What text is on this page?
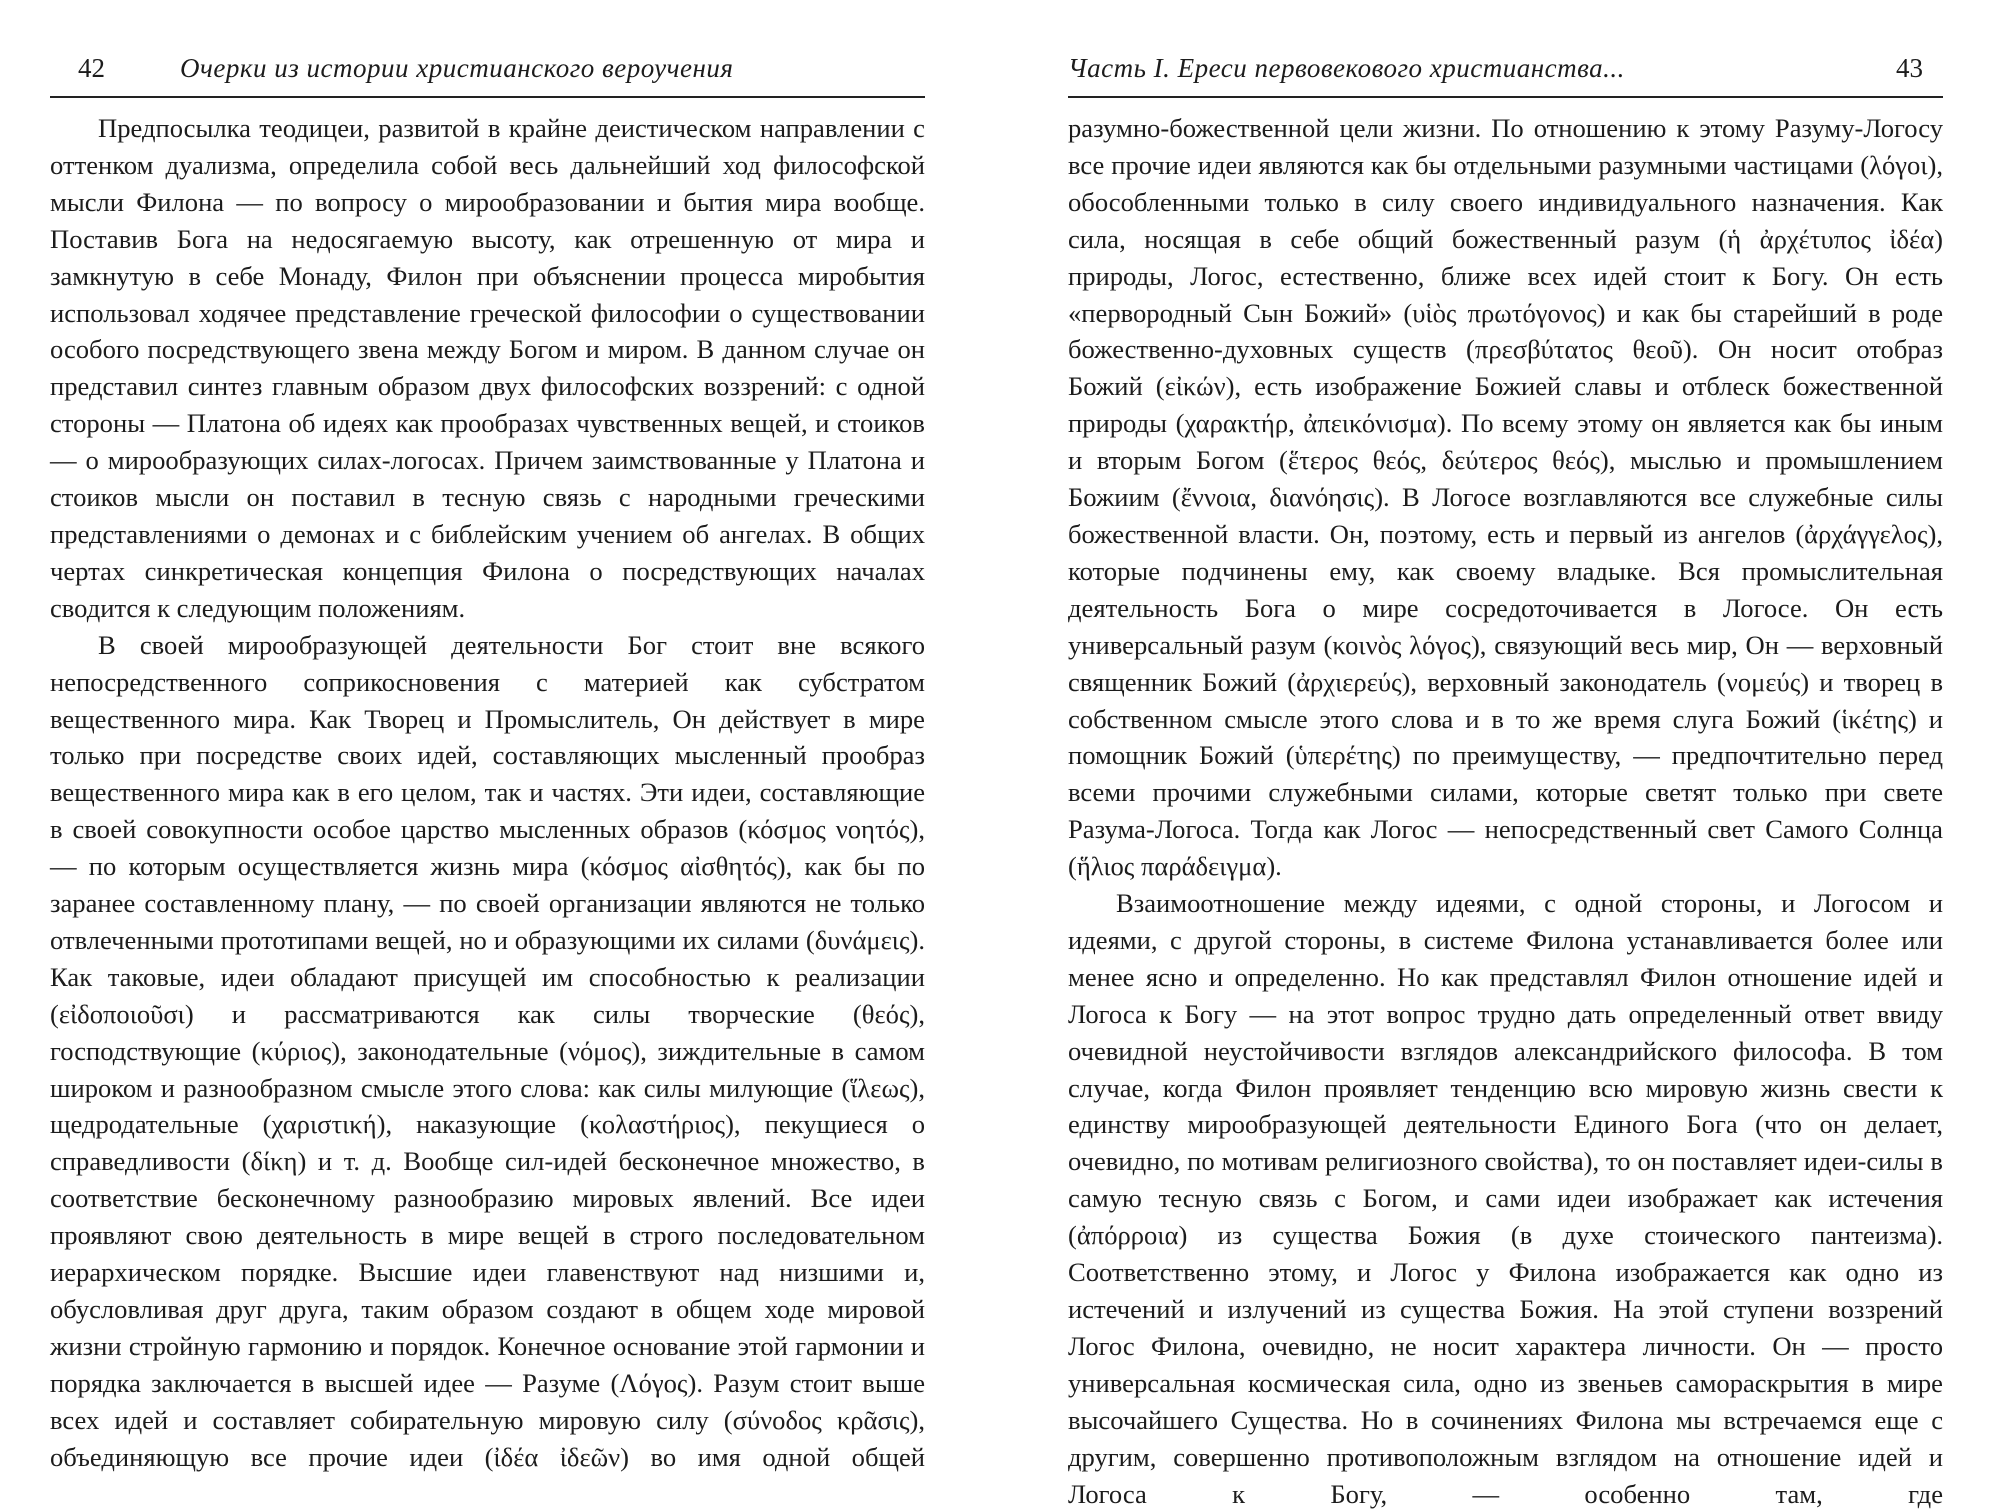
42	Очерки из истории христианского вероучения

Предпосылка теодицеи, развитой в крайне деистическом направлении с оттенком дуализма, определила собой весь дальнейший ход философской мысли Филона — по вопросу о мирообразовании и бытия мира вообще. Поставив Бога на недосягаемую высоту, как отрешенную от мира и замкнутую в себе Монаду, Филон при объяснении процесса миробытия использовал ходячее представление греческой философии о существовании особого посредствующего звена между Богом и миром. В данном случае он представил синтез главным образом двух философских воззрений: с одной стороны — Платона об идеях как прообразах чувственных вещей, и стоиков — о мирообразующих силах-логосах. Причем заимствованные у Платона и стоиков мысли он поставил в тесную связь с народными греческими представлениями о демонах и с библейским учением об ангелах. В общих чертах синкретическая концепция Филона о посредствующих началах сводится к следующим положениям.

В своей мирообразующей деятельности Бог стоит вне всякого непосредственного соприкосновения с материей как субстратом вещественного мира. Как Творец и Промыслитель, Он действует в мире только при посредстве своих идей, составляющих мысленный прообраз вещественного мира как в его целом, так и частях. Эти идеи, составляющие в своей совокупности особое царство мысленных образов (κόσμος νοητός), — по которым осуществляется жизнь мира (κόσμος αἰσθητός), как бы по заранее составленному плану, — по своей организации являются не только отвлеченными прототипами вещей, но и образующими их силами (δυνάμεις). Как таковые, идеи обладают присущей им способностью к реализации (εἰδοποιοῦσι) и рассматриваются как силы творческие (θεός), господствующие (κύριος), законодательные (νόμος), зиждительные в самом широком и разнообразном смысле этого слова: как силы милующие (ἵλεως), щедродательные (χαριστική), наказующие (κολαστήριος), пекущиеся о справедливости (δίκη) и т. д. Вообще сил-идей бесконечное множество, в соответствие бесконечному разнообразию мировых явлений. Все идеи проявляют свою деятельность в мире вещей в строго последовательном иерархическом порядке. Высшие идеи главенствуют над низшими и, обусловливая друг друга, таким образом создают в общем ходе мировой жизни стройную гармонию и порядок. Конечное основание этой гармонии и порядка заключается в высшей идее — Разуме (Λόγος). Разум стоит выше всех идей и составляет собирательную мировую силу (σύνοδος κρᾶσις), объединяющую все прочие идеи (ἰδέα ἰδεῶν) во имя одной общей

Часть I. Ереси первовекового христианства...	43

разумно-божественной цели жизни. По отношению к этому Разуму-Логосу все прочие идеи являются как бы отдельными разумными частицами (λόγοι), обособленными только в силу своего индивидуального назначения. Как сила, носящая в себе общий божественный разум (ἡ ἀρχέτυπος ἰδέα) природы, Логос, естественно, ближе всех идей стоит к Богу. Он есть «первородный Сын Божий» (υἱὸς πρωτόγονος) и как бы старейший в роде божественно-духовных существ (πρεσβύτατος θεοῦ). Он носит отобраз Божий (εἰκών), есть изображение Божией славы и отблеск божественной природы (χαρακτήρ, ἀπεικόνισμα). По всему этому он является как бы иным и вторым Богом (ἕτερος θεός, δεύτερος θεός), мыслью и промышлением Божиим (ἔννοια, διανόησις). В Логосе возглавляются все служебные силы божественной власти. Он, поэтому, есть и первый из ангелов (ἀρχάγγελος), которые подчинены ему, как своему владыке. Вся промыслительная деятельность Бога о мире сосредоточивается в Логосе. Он есть универсальный разум (κοινὸς λόγος), связующий весь мир, Он — верховный священник Божий (ἀρχιερεύς), верховный законодатель (νομεύς) и творец в собственном смысле этого слова и в то же время слуга Божий (ἱκέτης) и помощник Божий (ὑπερέτης) по преимуществу, — предпочтительно перед всеми прочими служебными силами, которые светят только при свете Разума-Логоса. Тогда как Логос — непосредственный свет Самого Солнца (ἥλιος παράδειγμα).

Взаимоотношение между идеями, с одной стороны, и Логосом и идеями, с другой стороны, в системе Филона устанавливается более или менее ясно и определенно. Но как представлял Филон отношение идей и Логоса к Богу — на этот вопрос трудно дать определенный ответ ввиду очевидной неустойчивости взглядов александрийского философа. В том случае, когда Филон проявляет тенденцию всю мировую жизнь свести к единству мирообразующей деятельности Единого Бога (что он делает, очевидно, по мотивам религиозного свойства), то он поставляет идеи-силы в самую тесную связь с Богом, и сами идеи изображает как истечения (ἀπόρροια) из существа Божия (в духе стоического пантеизма). Соответственно этому, и Логос у Филона изображается как одно из истечений и излучений из существа Божия. На этой ступени воззрений Логос Филона, очевидно, не носит характера личности. Он — просто универсальная космическая сила, одно из звеньев самораскрытия в мире высочайшего Существа. Но в сочинениях Филона мы встречаемся еще с другим, совершенно противоположным взглядом на отношение идей и Логоса к Богу, — особенно там, где
